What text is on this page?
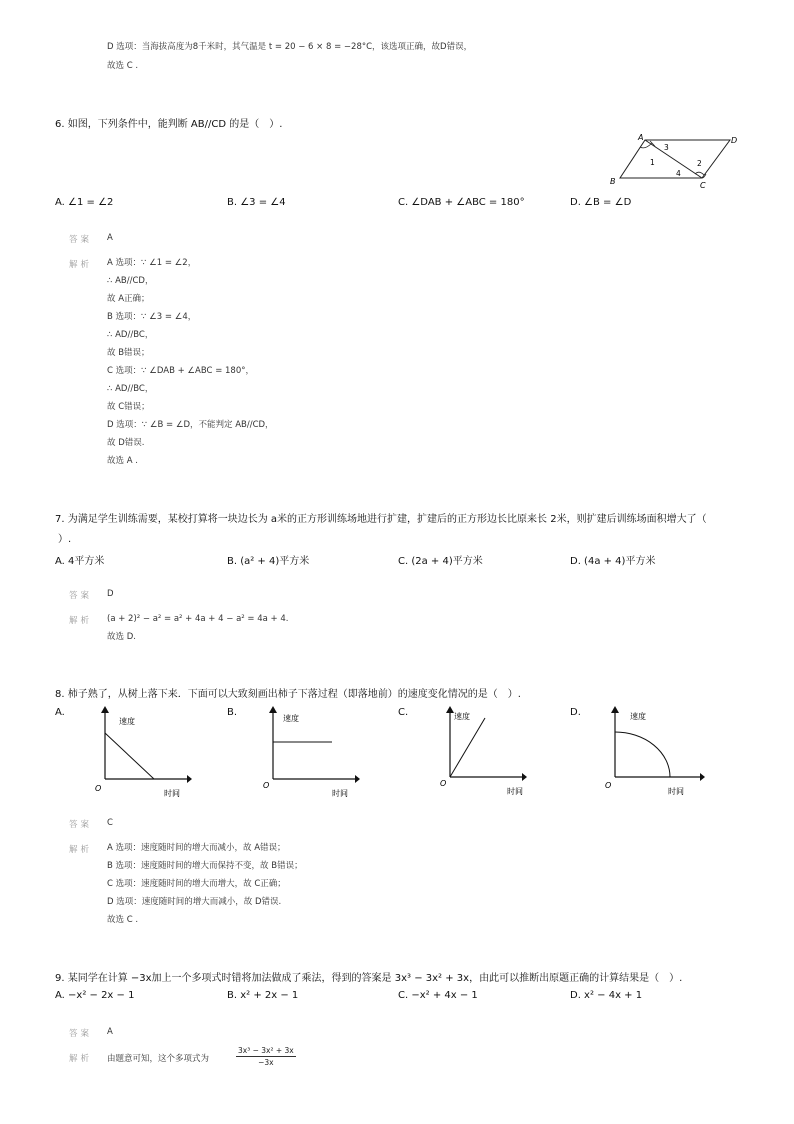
D 选项：当海拔高度为8千米时，其气温是 t = 20 − 6 × 8 = −28°C，该选项正确，故D错误，
故选 C .
6. 如图，下列条件中，能判断 AB//CD 的是（　）.
A	D
B	C
1
3
2
4
A. ∠1 = ∠2	B. ∠3 = ∠4	C. ∠DAB + ∠ABC = 180°	D. ∠B = ∠D
答案 A
解析 A 选项：∵ ∠1 = ∠2，
∴ AB//CD，
故 A正确；
B 选项：∵ ∠3 = ∠4，
∴ AD//BC，
故 B错误；
C 选项：∵ ∠DAB + ∠ABC = 180°，
∴ AD//BC，
故 C错误；
D 选项：∵ ∠B = ∠D，不能判定 AB//CD，
故 D错误.
故选 A .
7. 为满足学生训练需要，某校打算将一块边长为 a米的正方形训练场地进行扩建，扩建后的正方形边长比原来长 2米，则扩建后训练场面积增大了（
）.
A. 4平方米	B. (a² + 4)平方米	C. (2a + 4)平方米	D. (4a + 4)平方米
答案 D
解析 (a + 2)² − a² = a² + 4a + 4 − a² = 4a + 4.
故选 D.
8. 柿子熟了，从树上落下来．下面可以大致刻画出柿子下落过程（即落地前）的速度变化情况的是（　）.
A.
速度
时间
O
B.
速度
时间
O
C.	速度
时间
O
D.	速度
时间
O
答案 C
解析 A 选项：速度随时间的增大而减小，故 A错误；
B 选项：速度随时间的增大而保持不变，故 B错误；
C 选项：速度随时间的增大而增大，故 C正确；
D 选项：速度随时间的增大而减小，故 D错误.
故选 C .
9. 某同学在计算 −3x加上一个多项式时错将加法做成了乘法，得到的答案是 3x³ − 3x² + 3x，由此可以推断出原题正确的计算结果是（　）.
A. −x² − 2x − 1	B. x² + 2x − 1	C. −x² + 4x − 1	D. x² − 4x + 1
答案 A
解析 由题意可知，这个多项式为	$\frac{\text{3x³ − 3x² + 3x}}{-3x}$
